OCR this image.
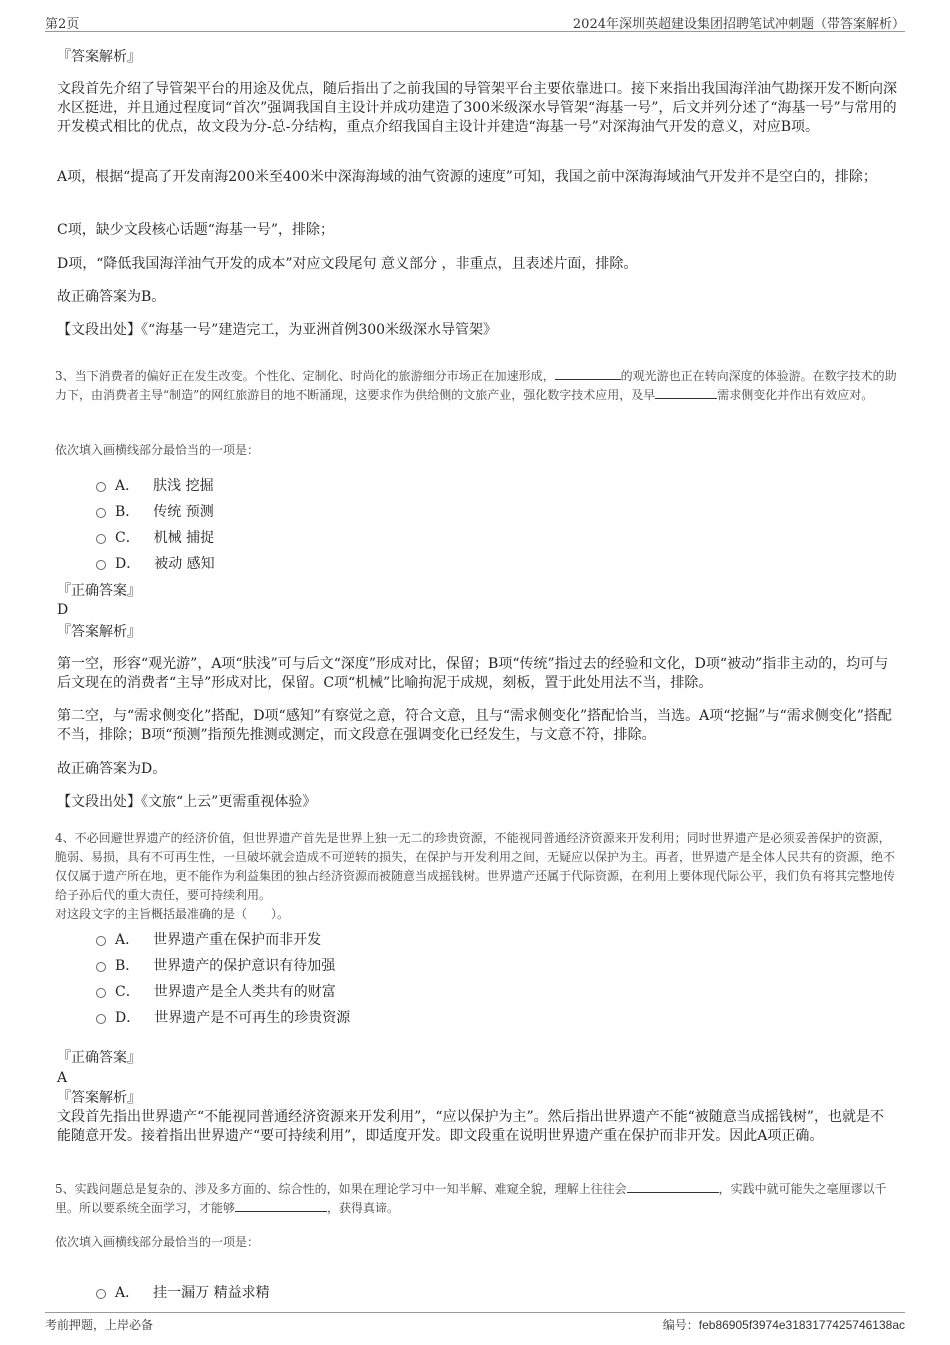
第2页	2024年深圳英超建设集团招聘笔试冲刺题（带答案解析）
『答案解析』
文段首先介绍了导管架平台的用途及优点，随后指出了之前我国的导管架平台主要依靠进口。接下来指出我国海洋油气勘探开发不断向深水区挺进，并且通过程度词“首次”强调我国自主设计并成功建造了300米级深水导管架“海基一号”，后文并列分述了“海基一号”与常用的开发模式相比的优点，故文段为分-总-分结构，重点介绍我国自主设计并建造“海基一号”对深海油气开发的意义，对应B项。
A项，根据“提高了开发南海200米至400米中深海海域的油气资源的速度”可知，我国之前中深海海域油气开发并不是空白的，排除；
C项，缺少文段核心话题“海基一号”，排除；
D项，“降低我国海洋油气开发的成本”对应文段尾句 意义部分 ，非重点，且表述片面，排除。
故正确答案为B。
【文段出处】《“海基一号”建造完工，为亚洲首例300米级深水导管架》
3、当下消费者的偏好正在发生改变。个性化、定制化、时尚化的旅游细分市场正在加速形成，	的观光游也正在转向深度的体验游。在数字技术的助力下，由消费者主导“制造”的网红旅游目的地不断涌现，这要求作为供给侧的文旅产业，强化数字技术应用，及早	需求侧变化并作出有效应对。
依次填入画横线部分最恰当的一项是：
A． 肤浅 挖掘
B． 传统 预测
C． 机械 捕捉
D． 被动 感知
『正确答案』
D
『答案解析』
第一空，形容“观光游”，A项“肤浅”可与后文“深度”形成对比，保留；B项“传统”指过去的经验和文化，D项“被动”指非主动的，均可与后文现在的消费者“主导”形成对比，保留。C项“机械”比喻拘泥于成规，刻板，置于此处用法不当，排除。
第二空，与“需求侧变化”搭配，D项“感知”有察觉之意，符合文意，且与“需求侧变化”搭配恰当，当选。A项“挖掘”与“需求侧变化”搭配不当，排除；B项“预测”指预先推测或测定，而文段意在强调变化已经发生，与文意不符，排除。
故正确答案为D。
【文段出处】《文旅“上云”更需重视体验》
4、不必回避世界遗产的经济价值，但世界遗产首先是世界上独一无二的珍贵资源，不能视同普通经济资源来开发利用；同时世界遗产是必须妥善保护的资源，脆弱、易损，具有不可再生性，一旦破坏就会造成不可逆转的损失，在保护与开发利用之间，无疑应以保护为主。再者，世界遗产是全体人民共有的资源，绝不仅仅属于遗产所在地，更不能作为利益集团的独占经济资源而被随意当成摇钱树。世界遗产还属于代际资源，在利用上要体现代际公平，我们负有将其完整地传给子孙后代的重大责任，要可持续利用。
对这段文字的主旨概括最准确的是（　　）。
A． 世界遗产重在保护而非开发
B． 世界遗产的保护意识有待加强
C． 世界遗产是全人类共有的财富
D． 世界遗产是不可再生的珍贵资源
『正确答案』
A
『答案解析』
文段首先指出世界遗产“不能视同普通经济资源来开发利用”，“应以保护为主”。然后指出世界遗产不能“被随意当成摇钱树”，也就是不能随意开发。接着指出世界遗产“要可持续利用”，即适度开发。即文段重在说明世界遗产重在保护而非开发。因此A项正确。
5、实践问题总是复杂的、涉及多方面的、综合性的，如果在理论学习中一知半解、难窥全貌，理解上往往会	，实践中就可能失之毫厘谬以千里。所以要系统全面学习，才能够	，获得真谛。
依次填入画横线部分最恰当的一项是：
A． 挂一漏万 精益求精
考前押题，上岸必备	编号：feb86905f3974e3183177425746138ac
